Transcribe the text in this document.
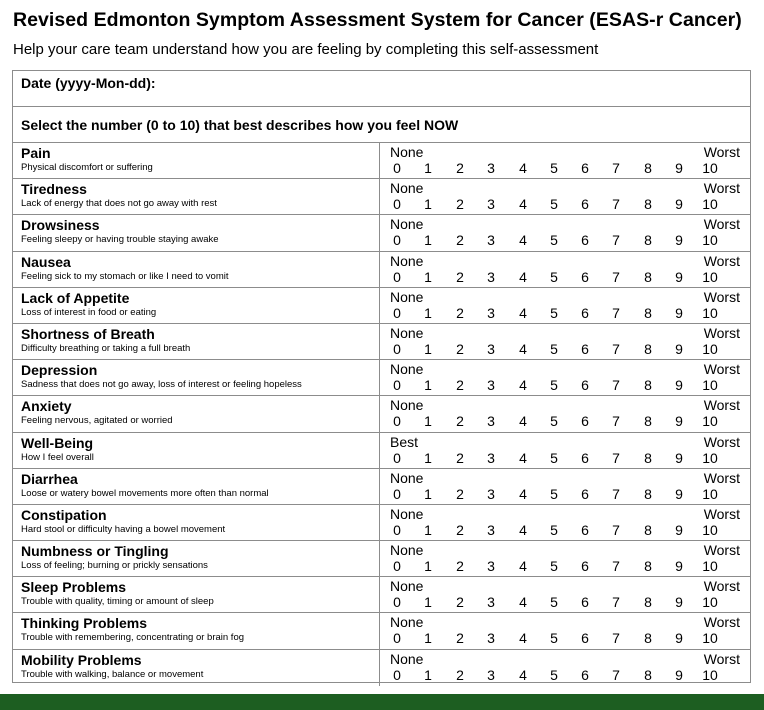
Revised Edmonton Symptom Assessment System for Cancer (ESAS-r Cancer)
Help your care team understand how you are feeling by completing this self-assessment
Date (yyyy-Mon-dd):
Select the number (0 to 10) that best describes how you feel NOW
Pain
Physical discomfort or suffering
None	Worst
0	1	2	3	4	5	6	7	8	9	10
Tiredness
Lack of energy that does not go away with rest
None	Worst
0	1	2	3	4	5	6	7	8	9	10
Drowsiness
Feeling sleepy or having trouble staying awake
None	Worst
0	1	2	3	4	5	6	7	8	9	10
Nausea
Feeling sick to my stomach or like I need to vomit
None	Worst
0	1	2	3	4	5	6	7	8	9	10
Lack of Appetite
Loss of interest in food or eating
None	Worst
0	1	2	3	4	5	6	7	8	9	10
Shortness of Breath
Difficulty breathing or taking a full breath
None	Worst
0	1	2	3	4	5	6	7	8	9	10
Depression
Sadness that does not go away, loss of interest or feeling hopeless
None	Worst
0	1	2	3	4	5	6	7	8	9	10
Anxiety
Feeling nervous, agitated or worried
None	Worst
0	1	2	3	4	5	6	7	8	9	10
Well-Being
How I feel overall
Best	Worst
0	1	2	3	4	5	6	7	8	9	10
Diarrhea
Loose or watery bowel movements more often than normal
None	Worst
0	1	2	3	4	5	6	7	8	9	10
Constipation
Hard stool or difficulty having a bowel movement
None	Worst
0	1	2	3	4	5	6	7	8	9	10
Numbness or Tingling
Loss of feeling; burning or prickly sensations
None	Worst
0	1	2	3	4	5	6	7	8	9	10
Sleep Problems
Trouble with quality, timing or amount of sleep
None	Worst
0	1	2	3	4	5	6	7	8	9	10
Thinking Problems
Trouble with remembering, concentrating or brain fog
None	Worst
0	1	2	3	4	5	6	7	8	9	10
Mobility Problems
Trouble with walking, balance or movement
None	Worst
0	1	2	3	4	5	6	7	8	9	10
